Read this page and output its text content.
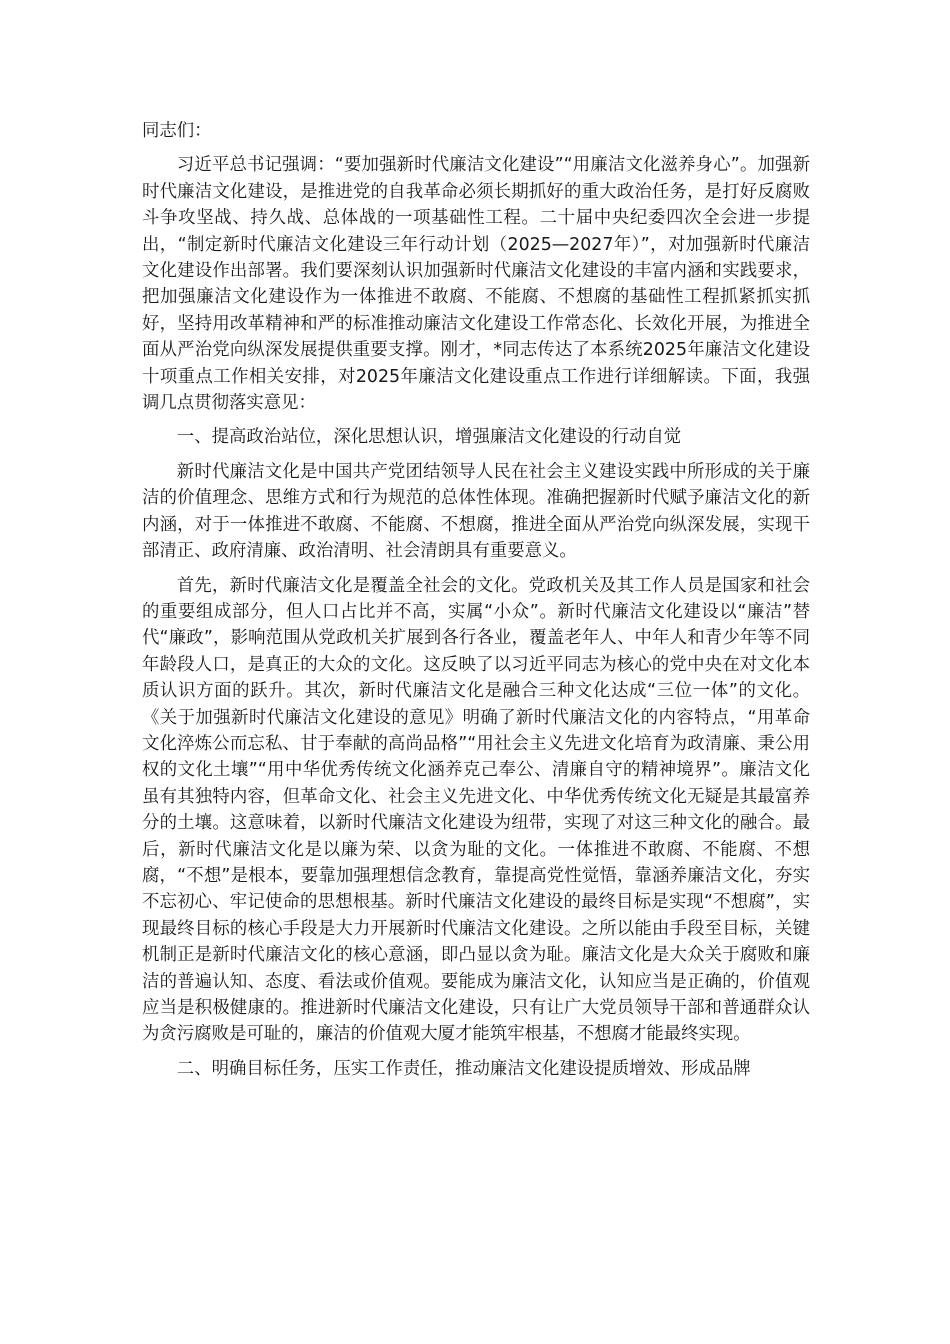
同志们：

习近平总书记强调：“要加强新时代廉洁文化建设”“用廉洁文化滋养身心”。加强新时代廉洁文化建设，是推进党的自我革命必须长期抓好的重大政治任务，是打好反腐败斗争攻坚战、持久战、总体战的一项基础性工程。二十届中央纪委四次全会进一步提出，“制定新时代廉洁文化建设三年行动计划（2025—2027年）”，对加强新时代廉洁文化建设作出部署。我们要深刻认识加强新时代廉洁文化建设的丰富内涵和实践要求，把加强廉洁文化建设作为一体推进不敢腐、不能腐、不想腐的基础性工程抓紧抓实抓好，坚持用改革精神和严的标准推动廉洁文化建设工作常态化、长效化开展，为推进全面从严治党向纵深发展提供重要支撑。刚才，*同志传达了本系统2025年廉洁文化建设十项重点工作相关安排，对2025年廉洁文化建设重点工作进行详细解读。下面，我强调几点贯彻落实意见：

一、提高政治站位，深化思想认识，增强廉洁文化建设的行动自觉

新时代廉洁文化是中国共产党团结领导人民在社会主义建设实践中所形成的关于廉洁的价值理念、思维方式和行为规范的总体性体现。准确把握新时代赋予廉洁文化的新内涵，对于一体推进不敢腐、不能腐、不想腐，推进全面从严治党向纵深发展，实现干部清正、政府清廉、政治清明、社会清朗具有重要意义。

首先，新时代廉洁文化是覆盖全社会的文化。党政机关及其工作人员是国家和社会的重要组成部分，但人口占比并不高，实属“小众”。新时代廉洁文化建设以“廉洁”替代“廉政”，影响范围从党政机关扩展到各行各业，覆盖老年人、中年人和青少年等不同年龄段人口，是真正的大众的文化。这反映了以习近平同志为核心的党中央在对文化本质认识方面的跃升。其次，新时代廉洁文化是融合三种文化达成“三位一体”的文化。《关于加强新时代廉洁文化建设的意见》明确了新时代廉洁文化的内容特点，“用革命文化淬炼公而忘私、甘于奉献的高尚品格”“用社会主义先进文化培育为政清廉、秉公用权的文化土壤”“用中华优秀传统文化涵养克己奉公、清廉自守的精神境界”。廉洁文化虽有其独特内容，但革命文化、社会主义先进文化、中华优秀传统文化无疑是其最富养分的土壤。这意味着，以新时代廉洁文化建设为纽带，实现了对这三种文化的融合。最后，新时代廉洁文化是以廉为荣、以贪为耻的文化。一体推进不敢腐、不能腐、不想腐，“不想”是根本，要靠加强理想信念教育，靠提高党性觉悟，靠涵养廉洁文化，夯实不忘初心、牢记使命的思想根基。新时代廉洁文化建设的最终目标是实现“不想腐”，实现最终目标的核心手段是大力开展新时代廉洁文化建设。之所以能由手段至目标，关键机制正是新时代廉洁文化的核心意涵，即凸显以贪为耻。廉洁文化是大众关于腐败和廉洁的普遍认知、态度、看法或价值观。要能成为廉洁文化，认知应当是正确的，价值观应当是积极健康的。推进新时代廉洁文化建设，只有让广大党员领导干部和普通群众认为贪污腐败是可耻的，廉洁的价值观大厦才能筑牢根基，不想腐才能最终实现。

二、明确目标任务，压实工作责任，推动廉洁文化建设提质增效、形成品牌
